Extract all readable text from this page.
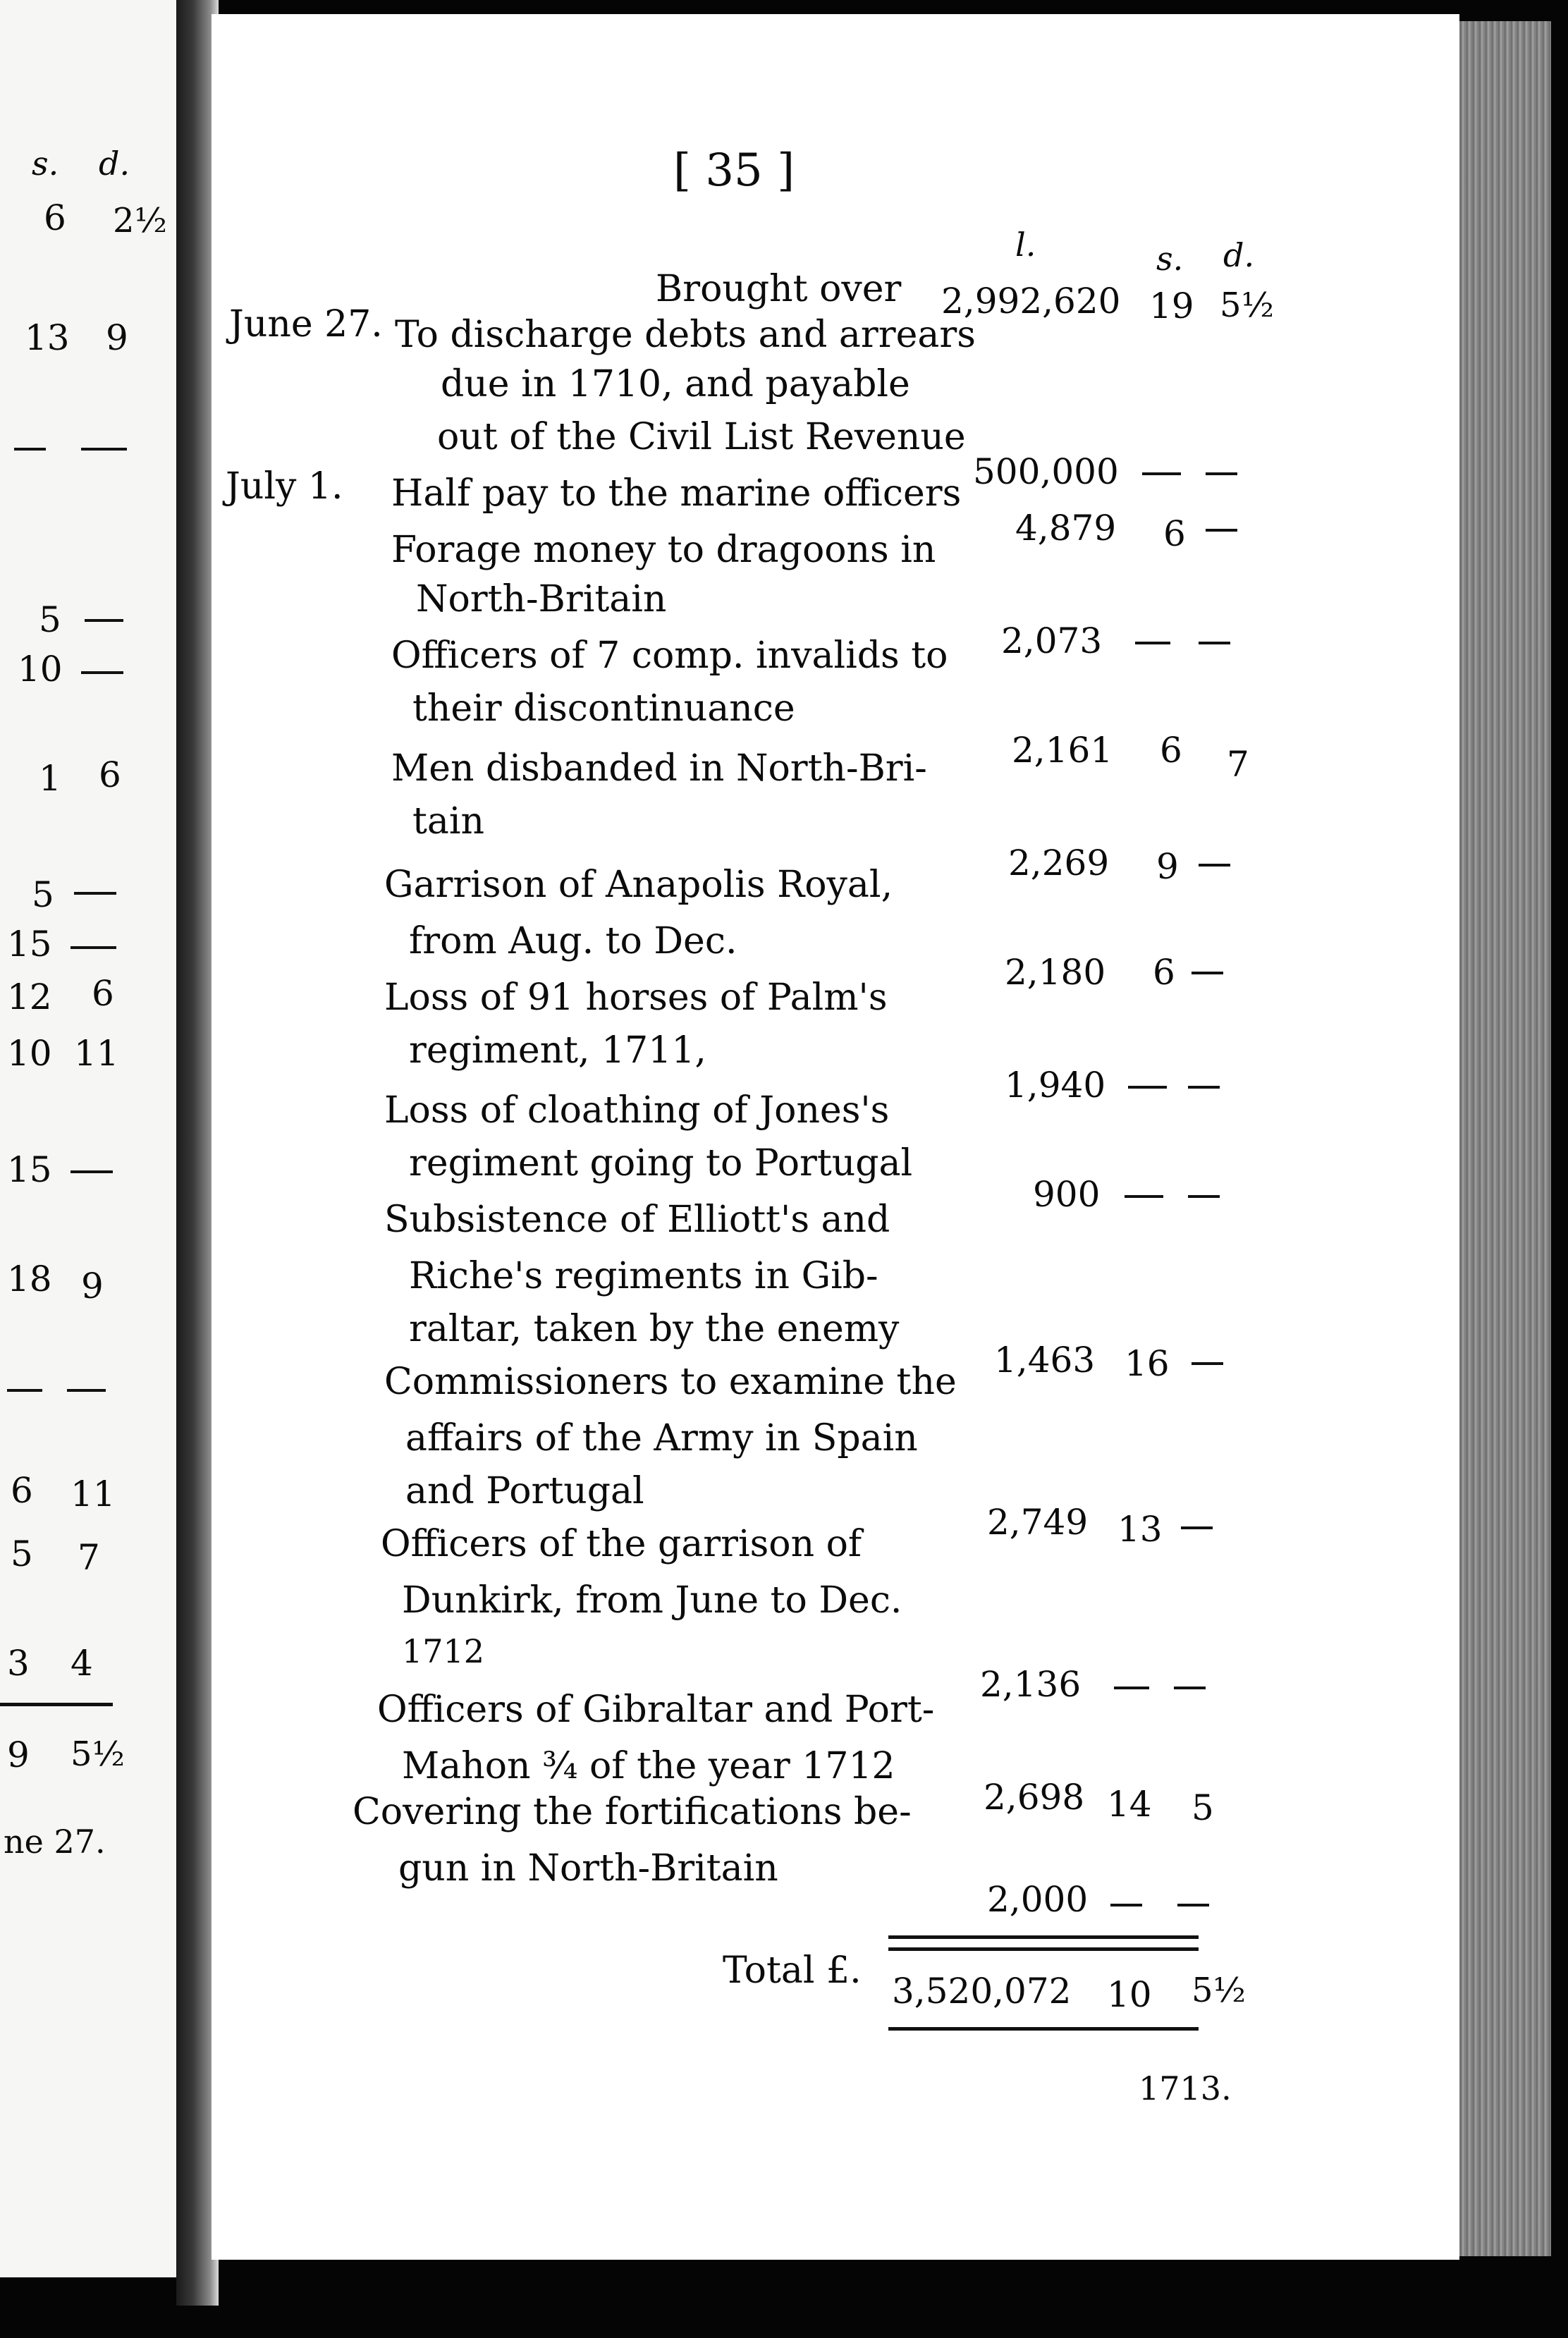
s. d.
6 2½
13 9
5
10
1 6
5
15
12 6
10 11
15
18 9
6 11
5 7
3 4
9 5½
ne 27.
[ 35 ]
l.	s. d.
Brought over 2,992,620 19 5½
June 27. To discharge debts and arrears
due in 1710, and payable
out of the Civil List Revenue
500,000
July 1. Half pay to the marine officers
4,879 6
Forage money to dragoons in
North-Britain
2,073
Officers of 7 comp. invalids to
their discontinuance
2,161 6 7
Men disbanded in North-Bri-
tain
2,269 9
Garrison of Anapolis Royal,
from Aug. to Dec.
2,180 6
Loss of 91 horses of Palm's
regiment, 1711,
1,940
Loss of cloathing of Jones's
regiment going to Portugal
900
Subsistence of Elliott's and
Riche's regiments in Gib-
raltar, taken by the enemy
1,463 16
Commissioners to examine the
affairs of the Army in Spain
and Portugal
2,749 13
Officers of the garrison of
Dunkirk, from June to Dec.
1712
2,136
Officers of Gibraltar and Port-
Mahon ¾ of the year 1712
2,698 14 5
Covering the fortifications be-
gun in North-Britain
2,000
Total £. 3,520,072 10 5½
1713.
